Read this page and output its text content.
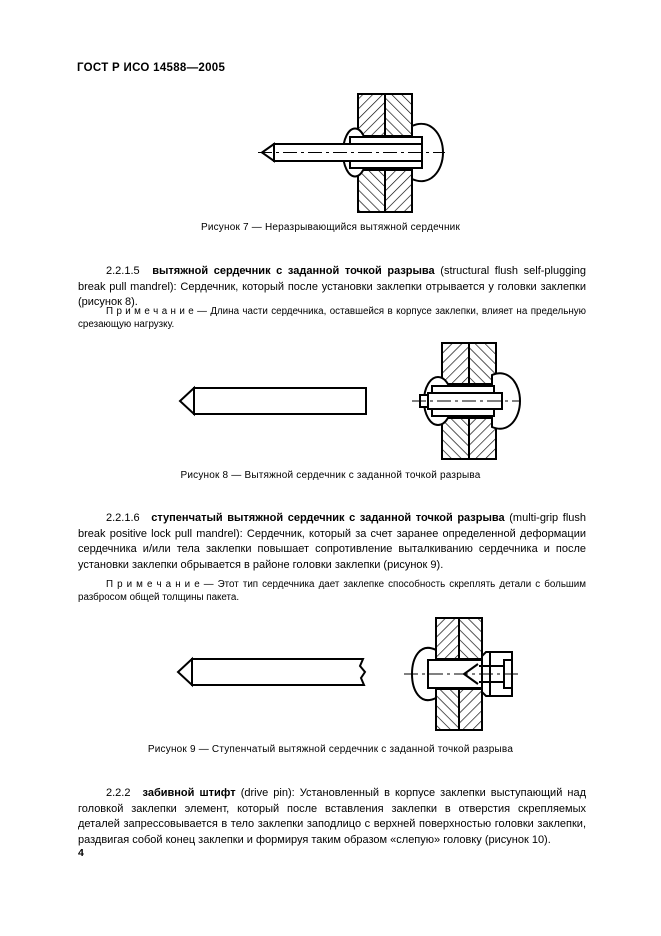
ГОСТ Р ИСО 14588—2005
Рисунок 7 — Неразрывающийся вытяжной сердечник

2.2.1.5 вытяжной сердечник с заданной точкой разрыва (structural flush self-plugging break pull mandrel): Сердечник, который после установки заклепки отрывается у головки заклепки (рисунок 8).

П р и м е ч а н и е — Длина части сердечника, оставшейся в корпусе заклепки, влияет на предельную срезающую нагрузку.

Рисунок 8 — Вытяжной сердечник с заданной точкой разрыва

2.2.1.6 ступенчатый вытяжной сердечник с заданной точкой разрыва (multi-grip flush break positive lock pull mandrel): Сердечник, который за счет заранее определенной деформации сердечника и/или тела заклепки повышает сопротивление выталкиванию сердечника и после установки заклепки обрывается в районе головки заклепки (рисунок 9).

П р и м е ч а н и е — Этот тип сердечника дает заклепке способность скреплять детали с большим разбросом общей толщины пакета.

Рисунок 9 — Ступенчатый вытяжной сердечник с заданной точкой разрыва

2.2.2 забивной штифт (drive pin): Установленный в корпусе заклепки выступающий над головкой заклепки элемент, который после вставления заклепки в отверстия скрепляемых деталей запрессовывается в тело заклепки заподлицо с верхней поверхностью головки заклепки, раздвигая собой конец заклепки и формируя таким образом «слепую» головку (рисунок 10).

4
